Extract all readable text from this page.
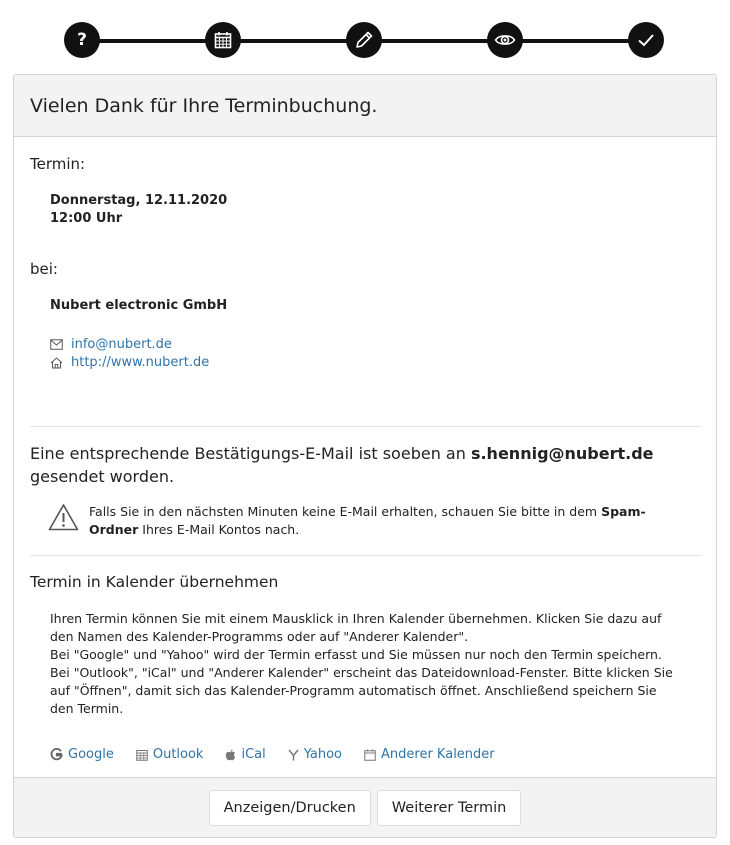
?
Vielen Dank für Ihre Terminbuchung.
Termin:
Donnerstag, 12.11.2020
12:00 Uhr
bei:
Nubert electronic GmbH
info@nubert.de
http://www.nubert.de
Eine entsprechende Bestätigungs-E-Mail ist soeben an s.hennig@nubert.de
gesendet worden.
Falls Sie in den nächsten Minuten keine E-Mail erhalten, schauen Sie bitte in dem Spam-Ordner Ihres E-Mail Kontos nach.
Termin in Kalender übernehmen
Ihren Termin können Sie mit einem Mausklick in Ihren Kalender übernehmen. Klicken Sie dazu auf den Namen des Kalender-Programms oder auf "Anderer Kalender".
Bei "Google" und "Yahoo" wird der Termin erfasst und Sie müssen nur noch den Termin speichern.
Bei "Outlook", "iCal" und "Anderer Kalender" erscheint das Dateidownload-Fenster. Bitte klicken Sie auf "Öffnen", damit sich das Kalender-Programm automatisch öffnet. Anschließend speichern Sie den Termin.
Google	Outlook	iCal	Yahoo	Anderer Kalender
Anzeigen/Drucken	Weiterer Termin
